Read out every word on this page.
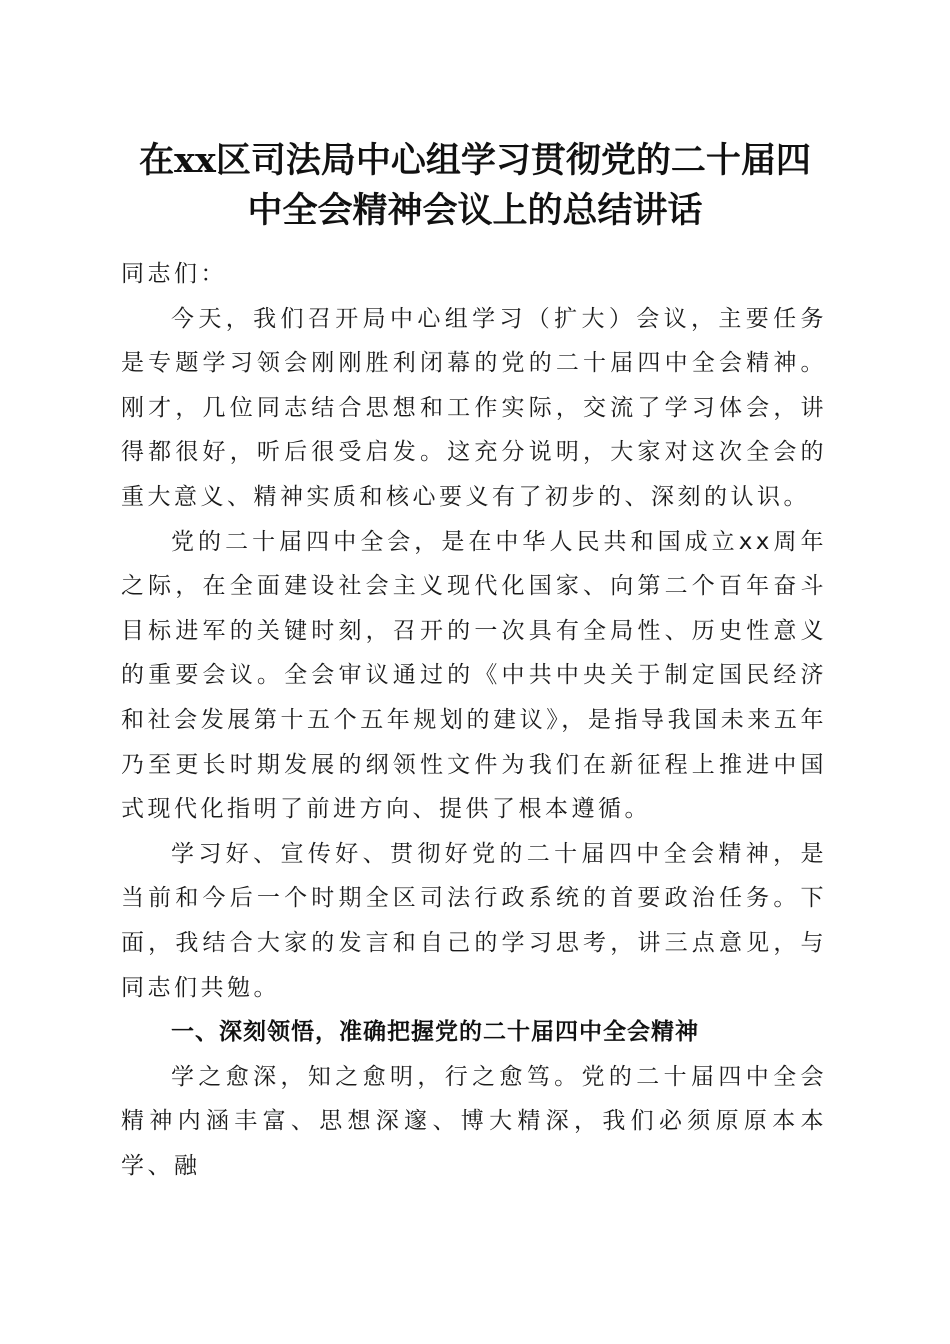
在xx区司法局中心组学习贯彻党的二十届四
中全会精神会议上的总结讲话

同志们：

今天，我们召开局中心组学习（扩大）会议，主要任务是专题学习领会刚刚胜利闭幕的党的二十届四中全会精神。刚才，几位同志结合思想和工作实际，交流了学习体会，讲得都很好，听后很受启发。这充分说明，大家对这次全会的重大意义、精神实质和核心要义有了初步的、深刻的认识。

党的二十届四中全会，是在中华人民共和国成立xx周年之际，在全面建设社会主义现代化国家、向第二个百年奋斗目标进军的关键时刻，召开的一次具有全局性、历史性意义的重要会议。全会审议通过的《中共中央关于制定国民经济和社会发展第十五个五年规划的建议》，是指导我国未来五年乃至更长时期发展的纲领性文件为我们在新征程上推进中国式现代化指明了前进方向、提供了根本遵循。

学习好、宣传好、贯彻好党的二十届四中全会精神，是当前和今后一个时期全区司法行政系统的首要政治任务。下面，我结合大家的发言和自己的学习思考，讲三点意见，与同志们共勉。

一、深刻领悟，准确把握党的二十届四中全会精神

学之愈深，知之愈明，行之愈笃。党的二十届四中全会精神内涵丰富、思想深邃、博大精深，我们必须原原本本学、融
